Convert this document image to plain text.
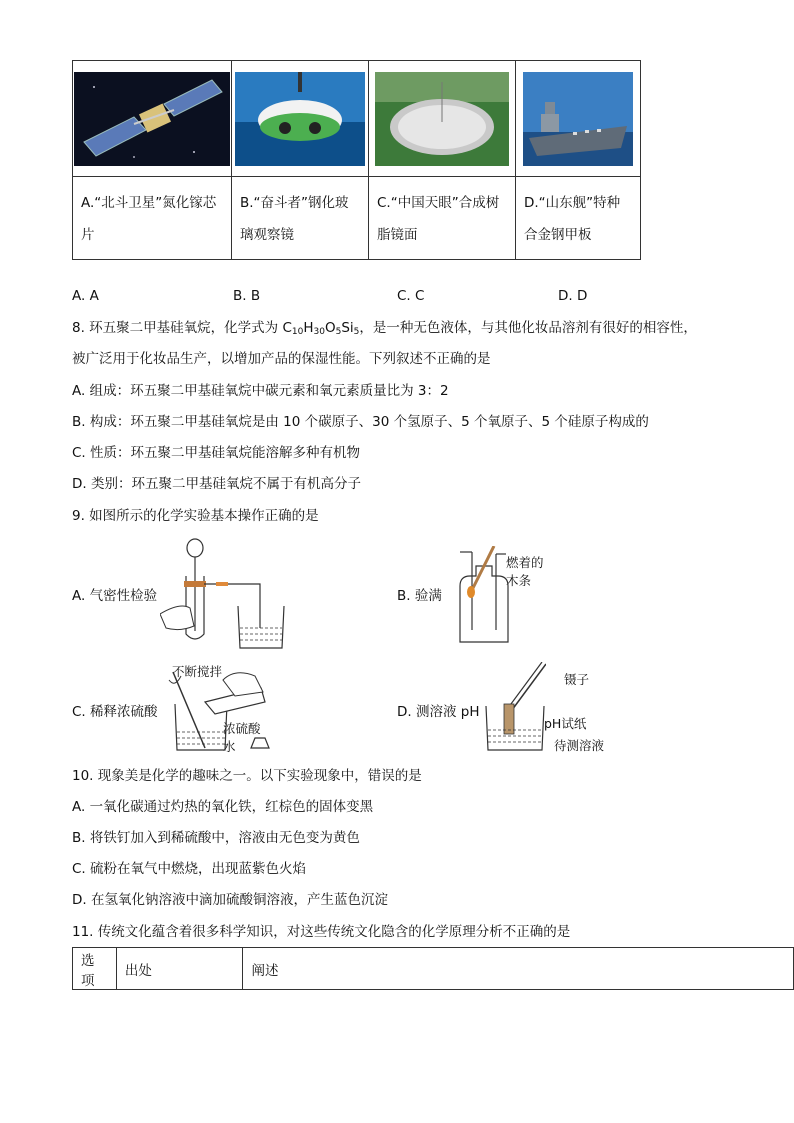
A.“北斗卫星”氮化镓芯片	B.“奋斗者”钢化玻璃观察镜	C.“中国天眼”合成树脂镜面	D.“山东舰”特种合金钢甲板
A. A	B. B	C. C	D. D
8. 环五聚二甲基硅氧烷，化学式为 $C_{10}H_{30}O_5Si_5$，是一种无色液体，与其他化妆品溶剂有很好的相容性，
被广泛用于化妆品生产，以增加产品的保湿性能。下列叙述不正确的是
A. 组成：环五聚二甲基硅氧烷中碳元素和氧元素质量比为 3：2
B. 构成：环五聚二甲基硅氧烷是由 10 个碳原子、30 个氢原子、5 个氧原子、5 个硅原子构成的
C. 性质：环五聚二甲基硅氧烷能溶解多种有机物
D. 类别：环五聚二甲基硅氧烷不属于有机高分子
9. 如图所示的化学实验基本操作正确的是
A. 气密性检验	B. 验满
燃着的
木条
C. 稀释浓硫酸
不断搅拌
浓硫酸
水
D. 测溶液 pH
镊子
pH试纸
待测溶液
10. 现象美是化学的趣味之一。以下实验现象中，错误的是
A. 一氧化碳通过灼热的氧化铁，红棕色的固体变黑
B. 将铁钉加入到稀硫酸中，溶液由无色变为黄色
C. 硫粉在氧气中燃烧，出现蓝紫色火焰
D. 在氢氧化钠溶液中滴加硫酸铜溶液，产生蓝色沉淀
11. 传统文化蕴含着很多科学知识，对这些传统文化隐含的化学原理分析不正确的是
选项	出处	阐述
